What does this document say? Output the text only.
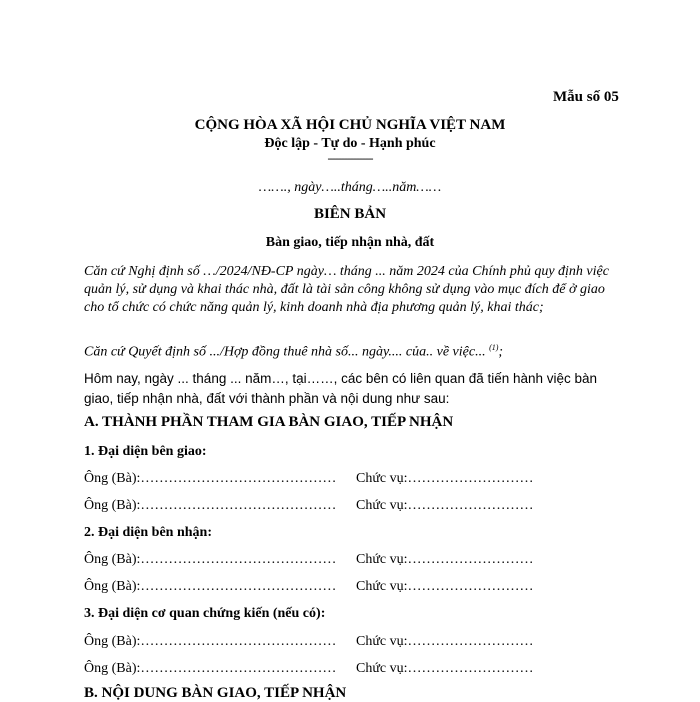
Mẫu số 05
CỘNG HÒA XÃ HỘI CHỦ NGHĨA VIỆT NAM
Độc lập - Tự do - Hạnh phúc
---------------
……., ngày…..tháng…..năm……
BIÊN BẢN
Bàn giao, tiếp nhận nhà, đất
Căn cứ Nghị định số …/2024/NĐ-CP ngày… tháng ... năm 2024 của Chính phủ quy định việc quản lý, sử dụng và khai thác nhà, đất là tài sản công không sử dụng vào mục đích để ở giao cho tổ chức có chức năng quản lý, kinh doanh nhà địa phương quản lý, khai thác;
Căn cứ Quyết định số .../Hợp đồng thuê nhà số... ngày.... của.. về việc... $^{(1)}$;
Hôm nay, ngày ... tháng ... năm…, tại……, các bên có liên quan đã tiến hành việc bàn giao, tiếp nhận nhà, đất với thành phần và nội dung như sau:
A. THÀNH PHẦN THAM GIA BÀN GIAO, TIẾP NHẬN
1. Đại diện bên giao:
Ông (Bà):…………………………………… Chức vụ:………………………
Ông (Bà):…………………………………… Chức vụ:………………………
2. Đại diện bên nhận:
Ông (Bà):…………………………………… Chức vụ:………………………
Ông (Bà):…………………………………… Chức vụ:………………………
3. Đại diện cơ quan chứng kiến (nếu có):
Ông (Bà):…………………………………… Chức vụ:………………………
Ông (Bà):…………………………………… Chức vụ:………………………
B. NỘI DUNG BÀN GIAO, TIẾP NHẬN
